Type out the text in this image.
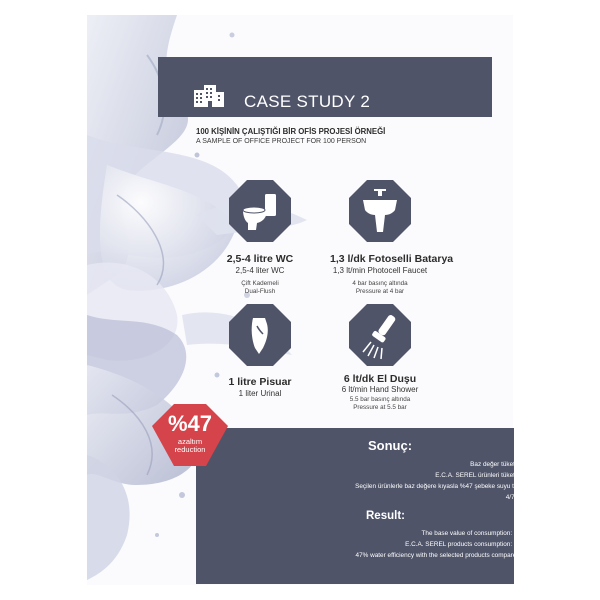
CASE STUDY 2
100 KİŞİNİN ÇALIŞTIĞI BİR OFİS PROJESİ ÖRNEĞİ
A SAMPLE OF OFFICE PROJECT FOR 100 PERSON
2,5-4 litre WC
2,5-4 liter WC
Çift Kademeli
Dual-Flush
1,3 l/dk Fotoselli Batarya
1,3 lt/min Photocell Faucet
4 bar basınç altında
Pressure at 4 bar
1 litre Pisuar
1 liter Urinal
6 lt/dk El Duşu
6 lt/min Hand Shower
5.5 bar basınç altında
Pressure at 5.5 bar
Sonuç:
Baz değer tüketimi: 616,291 litre/yıl
E.C.A. SEREL ürünleri tüketimi: 327,600 litre/yıl
Seçilen ürünlerle baz değere kıyasla %47 şebeke suyu tasarrufu yapılmıştır.
4/7 puan kazanılmıştır.
Result:
The base value of consumption: 616,291 liters / year
E.C.A. SEREL products consumption: 327.600 liters / year
47% water efficiency with the selected products compared to baseline water
4/7 points gained.
%47
azaltım
reduction
